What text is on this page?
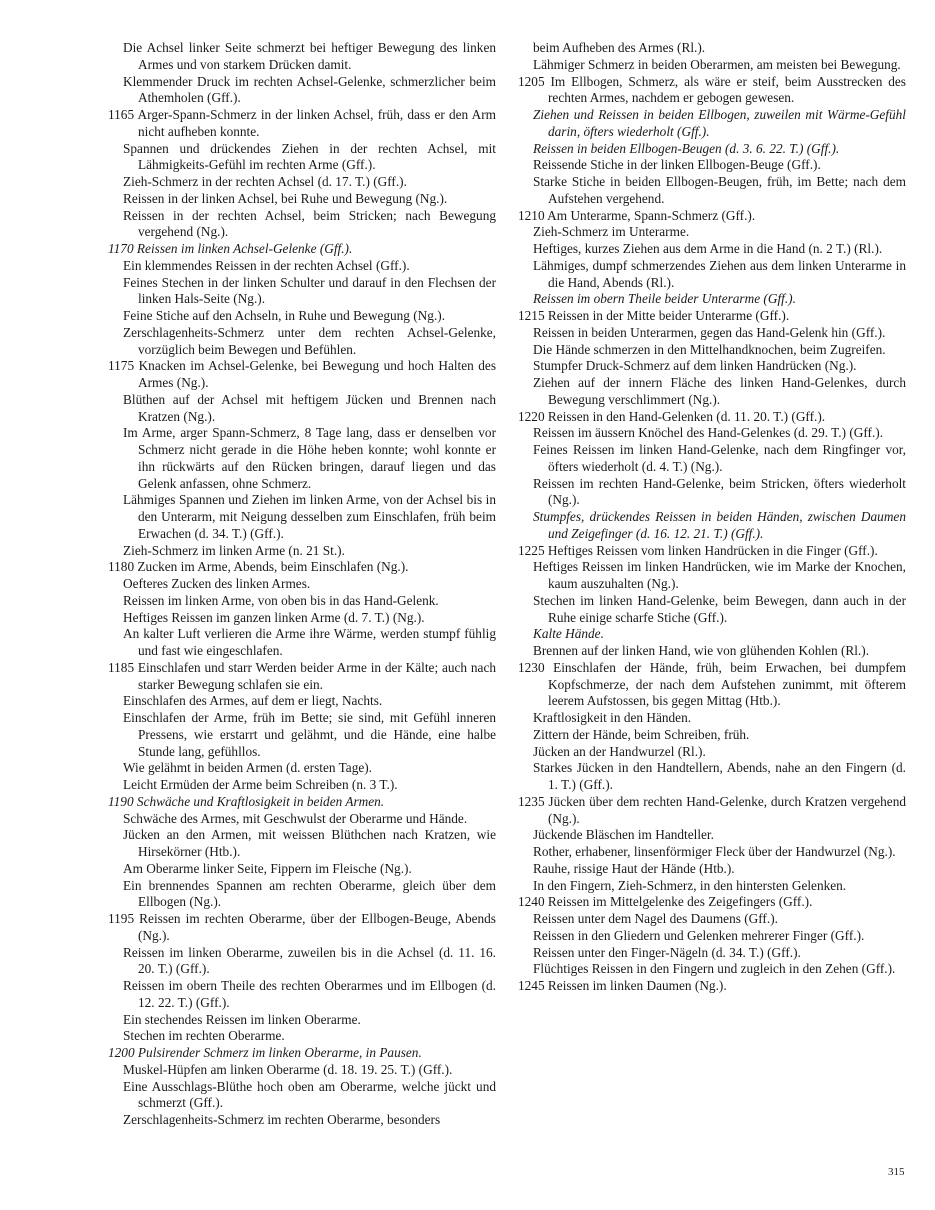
Die Achsel linker Seite schmerzt bei heftiger Bewegung des linken Armes und von starkem Drücken damit.
Klemmender Druck im rechten Achsel-Gelenke, schmerzlicher beim Athemholen (Gff.).
1165 Arger-Spann-Schmerz in der linken Achsel, früh, dass er den Arm nicht aufheben konnte.
Spannen und drückendes Ziehen in der rechten Achsel, mit Lähmigkeits-Gefühl im rechten Arme (Gff.).
Zieh-Schmerz in der rechten Achsel (d. 17. T.) (Gff.).
Reissen in der linken Achsel, bei Ruhe und Bewegung (Ng.).
Reissen in der rechten Achsel, beim Stricken; nach Bewegung vergehend (Ng.).
1170 Reissen im linken Achsel-Gelenke (Gff.).
Ein klemmendes Reissen in der rechten Achsel (Gff.).
Feines Stechen in der linken Schulter und darauf in den Flechsen der linken Hals-Seite (Ng.).
Feine Stiche auf den Achseln, in Ruhe und Bewegung (Ng.).
Zerschlagenheits-Schmerz unter dem rechten Achsel-Gelenke, vorzüglich beim Bewegen und Befühlen.
1175 Knacken im Achsel-Gelenke, bei Bewegung und hoch Halten des Armes (Ng.).
Blüthen auf der Achsel mit heftigem Jücken und Brennen nach Kratzen (Ng.).
Im Arme, arger Spann-Schmerz, 8 Tage lang, dass er denselben vor Schmerz nicht gerade in die Höhe heben konnte; wohl konnte er ihn rückwärts auf den Rücken bringen, darauf liegen und das Gelenk anfassen, ohne Schmerz.
Lähmiges Spannen und Ziehen im linken Arme, von der Achsel bis in den Unterarm, mit Neigung desselben zum Einschlafen, früh beim Erwachen (d. 34. T.) (Gff.).
Zieh-Schmerz im linken Arme (n. 21 St.).
1180 Zucken im Arme, Abends, beim Einschlafen (Ng.).
Oefteres Zucken des linken Armes.
Reissen im linken Arme, von oben bis in das Hand-Gelenk.
Heftiges Reissen im ganzen linken Arme (d. 7. T.) (Ng.).
An kalter Luft verlieren die Arme ihre Wärme, werden stumpf fühlig und fast wie eingeschlafen.
1185 Einschlafen und starr Werden beider Arme in der Kälte; auch nach starker Bewegung schlafen sie ein.
Einschlafen des Armes, auf dem er liegt, Nachts.
Einschlafen der Arme, früh im Bette; sie sind, mit Gefühl inneren Pressens, wie erstarrt und gelähmt, und die Hände, eine halbe Stunde lang, gefühllos.
Wie gelähmt in beiden Armen (d. ersten Tage).
Leicht Ermüden der Arme beim Schreiben (n. 3 T.).
1190 Schwäche und Kraftlosigkeit in beiden Armen.
Schwäche des Armes, mit Geschwulst der Oberarme und Hände.
Jücken an den Armen, mit weissen Blüthchen nach Kratzen, wie Hirsekörner (Htb.).
Am Oberarme linker Seite, Fippern im Fleische (Ng.).
Ein brennendes Spannen am rechten Oberarme, gleich über dem Ellbogen (Ng.).
1195 Reissen im rechten Oberarme, über der Ellbogen-Beuge, Abends (Ng.).
Reissen im linken Oberarme, zuweilen bis in die Achsel (d. 11. 16. 20. T.) (Gff.).
Reissen im obern Theile des rechten Oberarmes und im Ellbogen (d. 12. 22. T.) (Gff.).
Ein stechendes Reissen im linken Oberarme.
Stechen im rechten Oberarme.
1200 Pulsirender Schmerz im linken Oberarme, in Pausen.
Muskel-Hüpfen am linken Oberarme (d. 18. 19. 25. T.) (Gff.).
Eine Ausschlags-Blüthe hoch oben am Oberarme, welche jückt und schmerzt (Gff.).
Zerschlagenheits-Schmerz im rechten Oberarme, besonders
beim Aufheben des Armes (Rl.).
Lähmiger Schmerz in beiden Oberarmen, am meisten bei Bewegung.
1205 Im Ellbogen, Schmerz, als wäre er steif, beim Ausstrecken des rechten Armes, nachdem er gebogen gewesen.
Ziehen und Reissen in beiden Ellbogen, zuweilen mit Wärme-Gefühl darin, öfters wiederholt (Gff.).
Reissen in beiden Ellbogen-Beugen (d. 3. 6. 22. T.) (Gff.).
Reissende Stiche in der linken Ellbogen-Beuge (Gff.).
Starke Stiche in beiden Ellbogen-Beugen, früh, im Bette; nach dem Aufstehen vergehend.
1210 Am Unterarme, Spann-Schmerz (Gff.).
Zieh-Schmerz im Unterarme.
Heftiges, kurzes Ziehen aus dem Arme in die Hand (n. 2 T.) (Rl.).
Lähmiges, dumpf schmerzendes Ziehen aus dem linken Unterarme in die Hand, Abends (Rl.).
Reissen im obern Theile beider Unterarme (Gff.).
1215 Reissen in der Mitte beider Unterarme (Gff.).
Reissen in beiden Unterarmen, gegen das Hand-Gelenk hin (Gff.).
Die Hände schmerzen in den Mittelhandknochen, beim Zugreifen.
Stumpfer Druck-Schmerz auf dem linken Handrücken (Ng.).
Ziehen auf der innern Fläche des linken Hand-Gelenkes, durch Bewegung verschlimmert (Ng.).
1220 Reissen in den Hand-Gelenken (d. 11. 20. T.) (Gff.).
Reissen im äussern Knöchel des Hand-Gelenkes (d. 29. T.) (Gff.).
Feines Reissen im linken Hand-Gelenke, nach dem Ringfinger vor, öfters wiederholt (d. 4. T.) (Ng.).
Reissen im rechten Hand-Gelenke, beim Stricken, öfters wiederholt (Ng.).
Stumpfes, drückendes Reissen in beiden Händen, zwischen Daumen und Zeigefinger (d. 16. 12. 21. T.) (Gff.).
1225 Heftiges Reissen vom linken Handrücken in die Finger (Gff.).
Heftiges Reissen im linken Handrücken, wie im Marke der Knochen, kaum auszuhalten (Ng.).
Stechen im linken Hand-Gelenke, beim Bewegen, dann auch in der Ruhe einige scharfe Stiche (Gff.).
Kalte Hände.
Brennen auf der linken Hand, wie von glühenden Kohlen (Rl.).
1230 Einschlafen der Hände, früh, beim Erwachen, bei dumpfem Kopfschmerze, der nach dem Aufstehen zunimmt, mit öfterem leerem Aufstossen, bis gegen Mittag (Htb.).
Kraftlosigkeit in den Händen.
Zittern der Hände, beim Schreiben, früh.
Jücken an der Handwurzel (Rl.).
Starkes Jücken in den Handtellern, Abends, nahe an den Fingern (d. 1. T.) (Gff.).
1235 Jücken über dem rechten Hand-Gelenke, durch Kratzen vergehend (Ng.).
Jückende Bläschen im Handteller.
Rother, erhabener, linsenförmiger Fleck über der Handwurzel (Ng.).
Rauhe, rissige Haut der Hände (Htb.).
In den Fingern, Zieh-Schmerz, in den hintersten Gelenken.
1240 Reissen im Mittelgelenke des Zeigefingers (Gff.).
Reissen unter dem Nagel des Daumens (Gff.).
Reissen in den Gliedern und Gelenken mehrerer Finger (Gff.).
Reissen unter den Finger-Nägeln (d. 34. T.) (Gff.).
Flüchtiges Reissen in den Fingern und zugleich in den Zehen (Gff.).
1245 Reissen im linken Daumen (Ng.).
315
